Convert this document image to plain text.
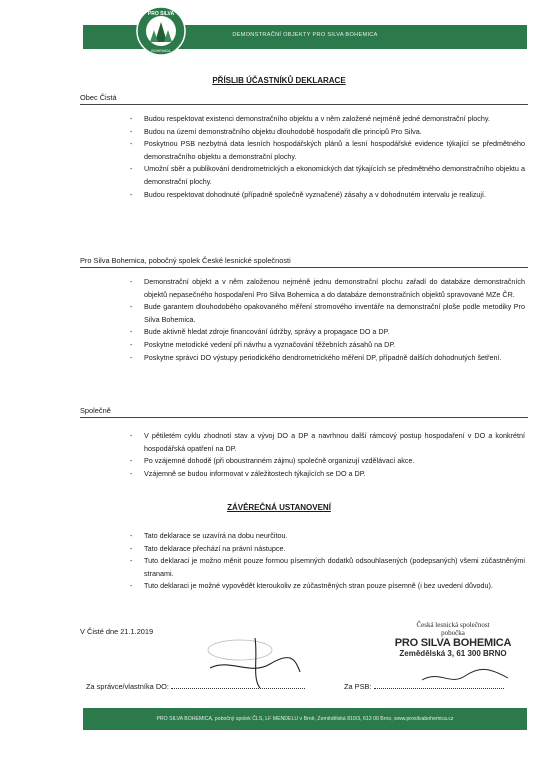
DEMONSTRAČNÍ OBJEKTY PRO SILVA BOHEMICA
PRO SILVA
BOHEMICA
PŘÍSLIB ÚČASTNÍKŮ DEKLARACE
Obec Čistá
- Budou respektovat existenci demonstračního objektu a v něm založené nejméně jedné demonstrační plochy.
- Budou na území demonstračního objektu dlouhodobě hospodařit dle principů Pro Silva.
- Poskytnou PSB nezbytná data lesních hospodářských plánů a lesní hospodářské evidence týkající se předmětného demonstračního objektu a demonstrační plochy.
- Umožní sběr a publikování dendrometrických a ekonomických dat týkajících se předmětného demonstračního objektu a demonstrační plochy.
- Budou respektovat dohodnuté (případně společně vyznačené) zásahy a v dohodnutém intervalu je realizují.
Pro Silva Bohemica, pobočný spolek České lesnické společnosti
- Demonstrační objekt a v něm založenou nejméně jednu demonstrační plochu zařadí do databáze demonstračních objektů nepasečného hospodaření Pro Silva Bohemica a do databáze demonstračních objektů spravované MZe ČR.
- Bude garantem dlouhodobého opakovaného měření stromového inventáře na demonstrační ploše podle metodiky Pro Silva Bohemica.
- Bude aktivně hledat zdroje financování údržby, správy a propagace DO a DP.
- Poskytne metodické vedení při návrhu a vyznačování těžebních zásahů na DP.
- Poskytne správci DO výstupy periodického dendrometrického měření DP, případně dalších dohodnutých šetření.
Společně
- V pětiletém cyklu zhodnotí stav a vývoj DO a DP a navrhnou další rámcový postup hospodaření v DO a konkrétní hospodářská opatření na DP.
- Po vzájemné dohodě (při oboustranném zájmu) společně organizují vzdělávací akce.
- Vzájemně se budou informovat v záležitostech týkajících se DO a DP.
ZÁVĚREČNÁ USTANOVENÍ
- Tato deklarace se uzavírá na dobu neurčitou.
- Tato deklarace přechází na právní nástupce.
- Tuto deklaraci je možno měnit pouze formou písemných dodatků odsouhlasených (podepsaných) všemi zúčastněnými stranami.
- Tuto deklaraci je možné vypovědět kteroukoliv ze zúčastněných stran pouze písemně (i bez uvedení důvodu).
V Čisté dne 21.1.2019
Za správce/vlastníka DO:	Za PSB:
Česká lesnická společnost
pobočka
PRO SILVA BOHEMICA
Zemědělská 3, 61 300 BRNO
PRO SILVA BOHEMICA, pobočný spolek ČLS, LF MENDELU v Brně, Zemědělská 810/3, 613 00 Brno, www.prosilvabohemica.cz
